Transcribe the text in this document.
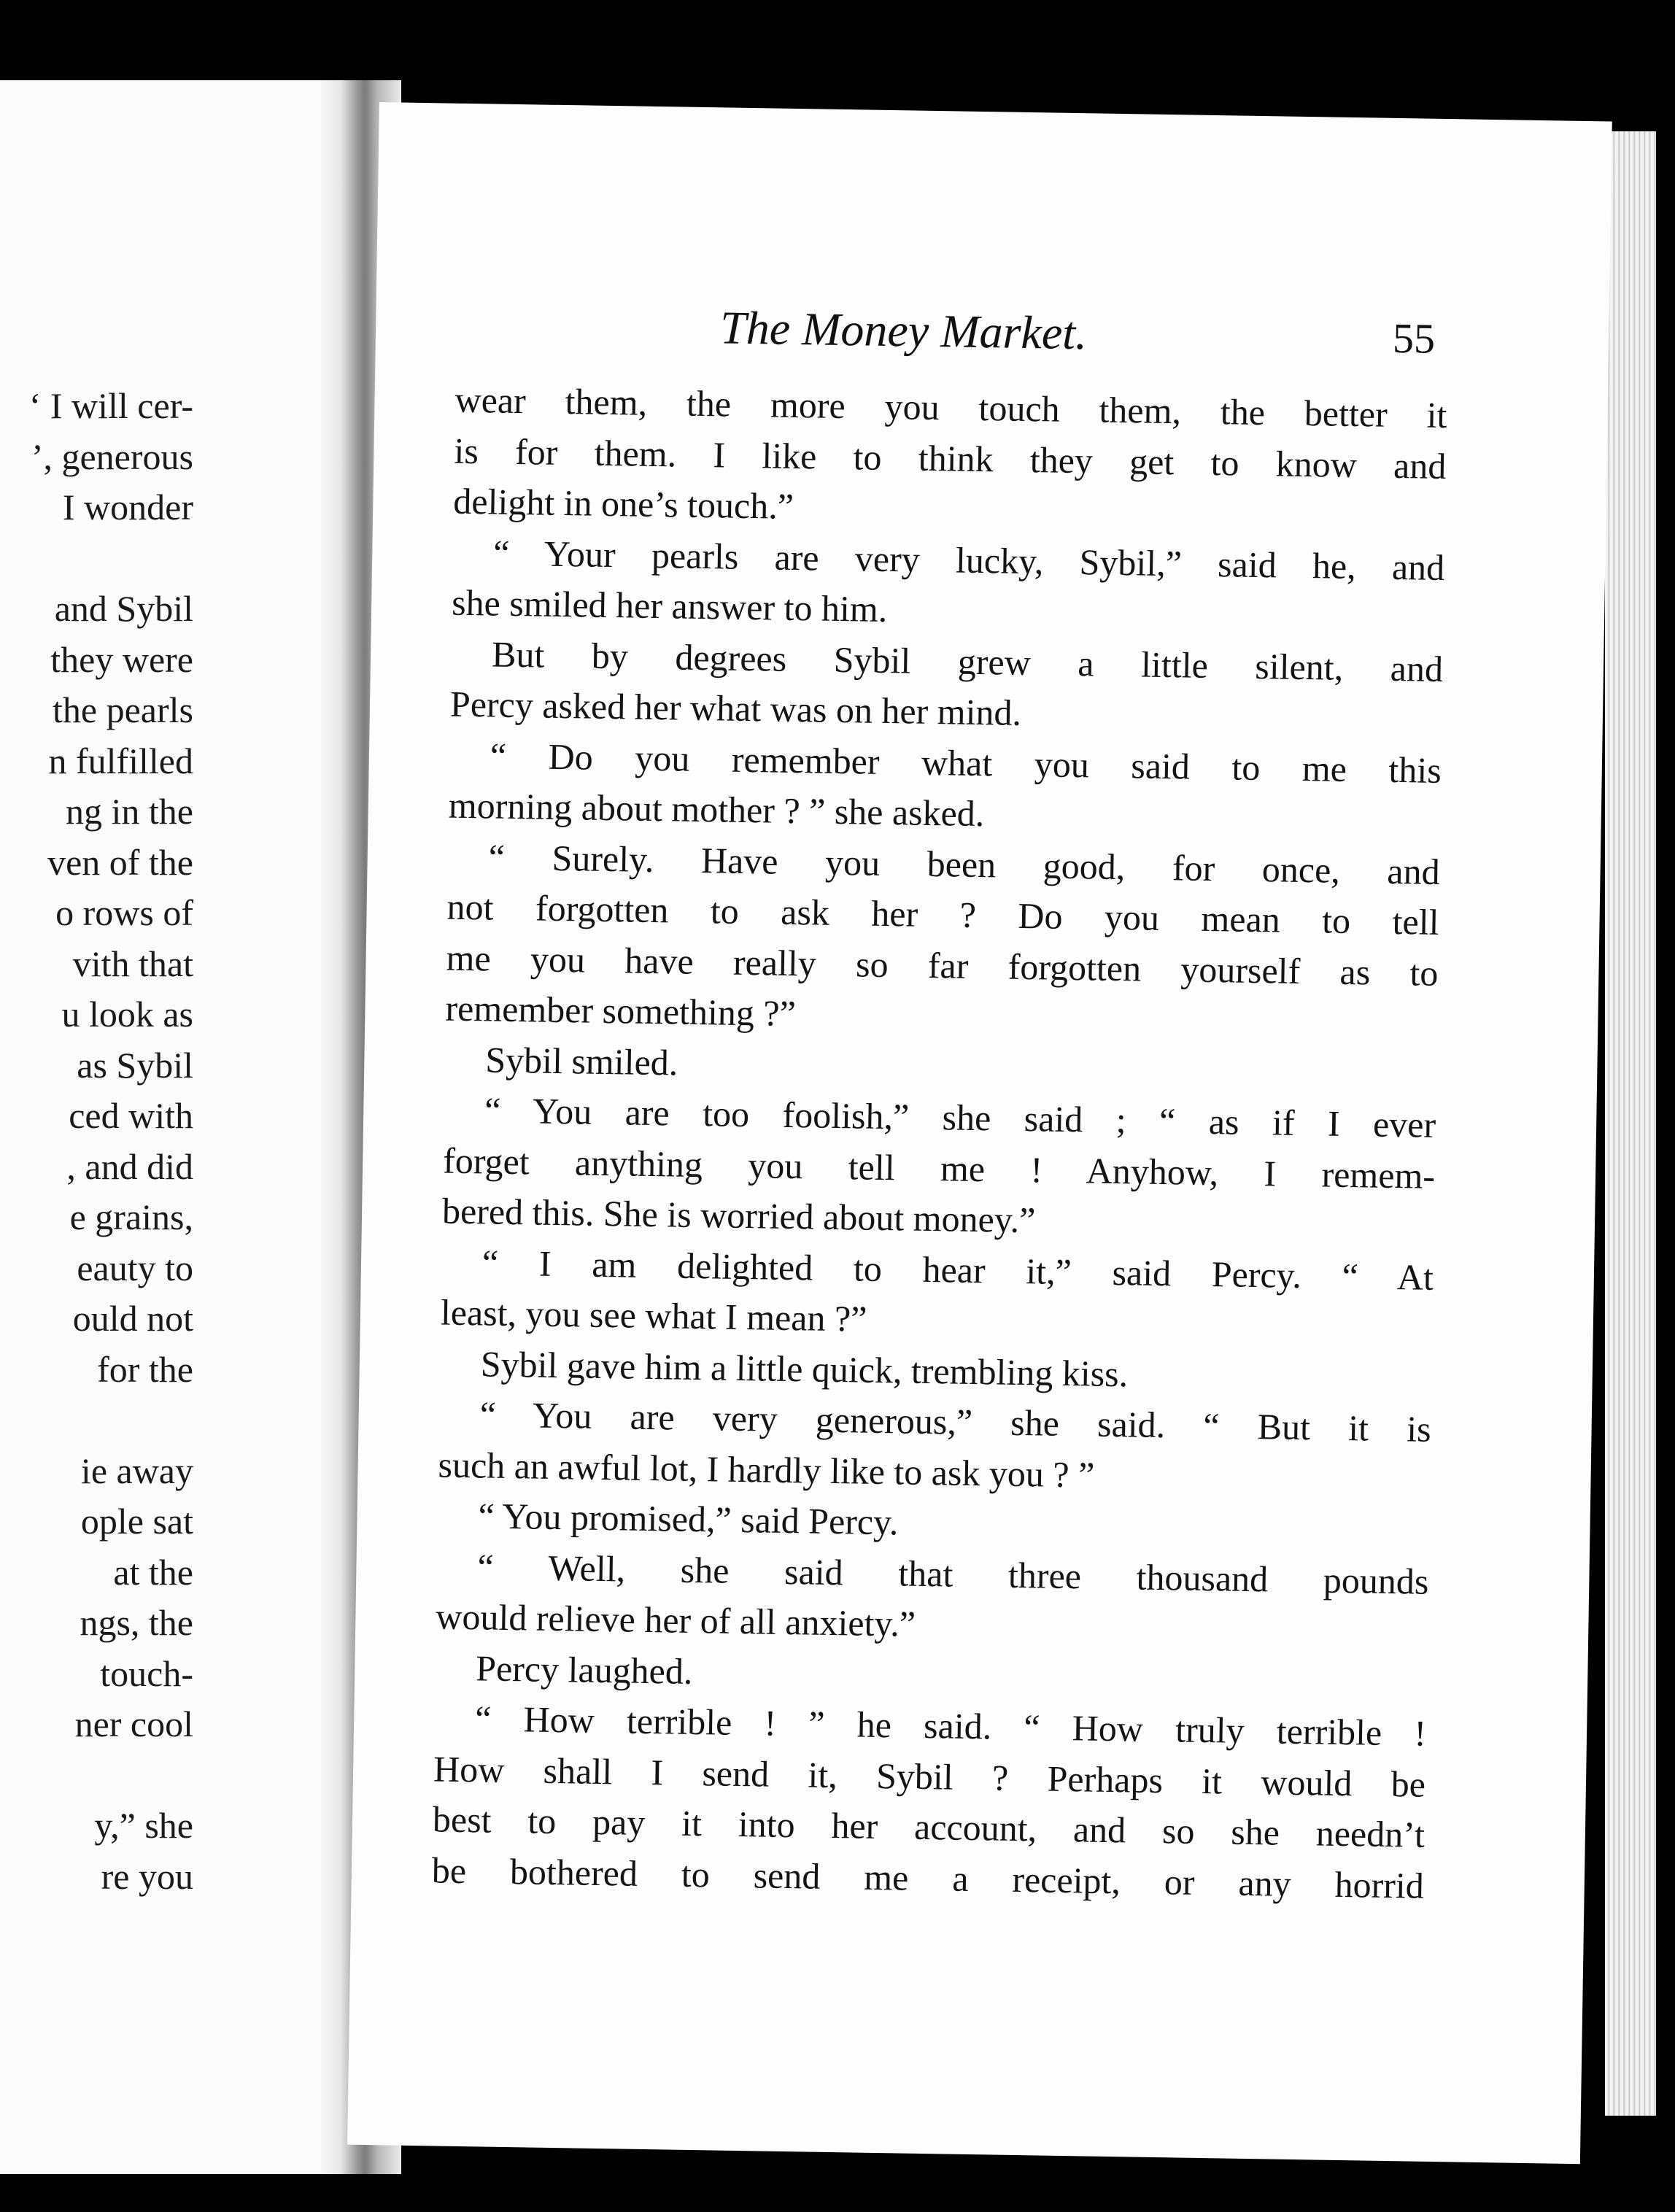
‘ I will cer-
’, generous
I wonder
and Sybil
they were
the pearls
n fulfilled
ng in the
ven of the
o rows of
vith that
u look as
as Sybil
ced with
, and did
e grains,
eauty to
ould not
for the
ie away
ople sat
at the
ngs, the
touch-
ner cool
y,” she
re you
The Money Market.	55
wear them, the more you touch them, the better it
is for them. I like to think they get to know and
delight in one’s touch.”
“ Your pearls are very lucky, Sybil,” said he, and
she smiled her answer to him.
But by degrees Sybil grew a little silent, and
Percy asked her what was on her mind.
“ Do you remember what you said to me this
morning about mother ? ” she asked.
“ Surely. Have you been good, for once, and
not forgotten to ask her ? Do you mean to tell
me you have really so far forgotten yourself as to
remember something ?”
Sybil smiled.
“ You are too foolish,” she said ; “ as if I ever
forget anything you tell me ! Anyhow, I remem-
bered this. She is worried about money.”
“ I am delighted to hear it,” said Percy. “ At
least, you see what I mean ?”
Sybil gave him a little quick, trembling kiss.
“ You are very generous,” she said. “ But it is
such an awful lot, I hardly like to ask you ? ”
“ You promised,” said Percy.
“ Well, she said that three thousand pounds
would relieve her of all anxiety.”
Percy laughed.
“ How terrible ! ” he said. “ How truly terrible !
How shall I send it, Sybil ? Perhaps it would be
best to pay it into her account, and so she needn’t
be bothered to send me a receipt, or any horrid
